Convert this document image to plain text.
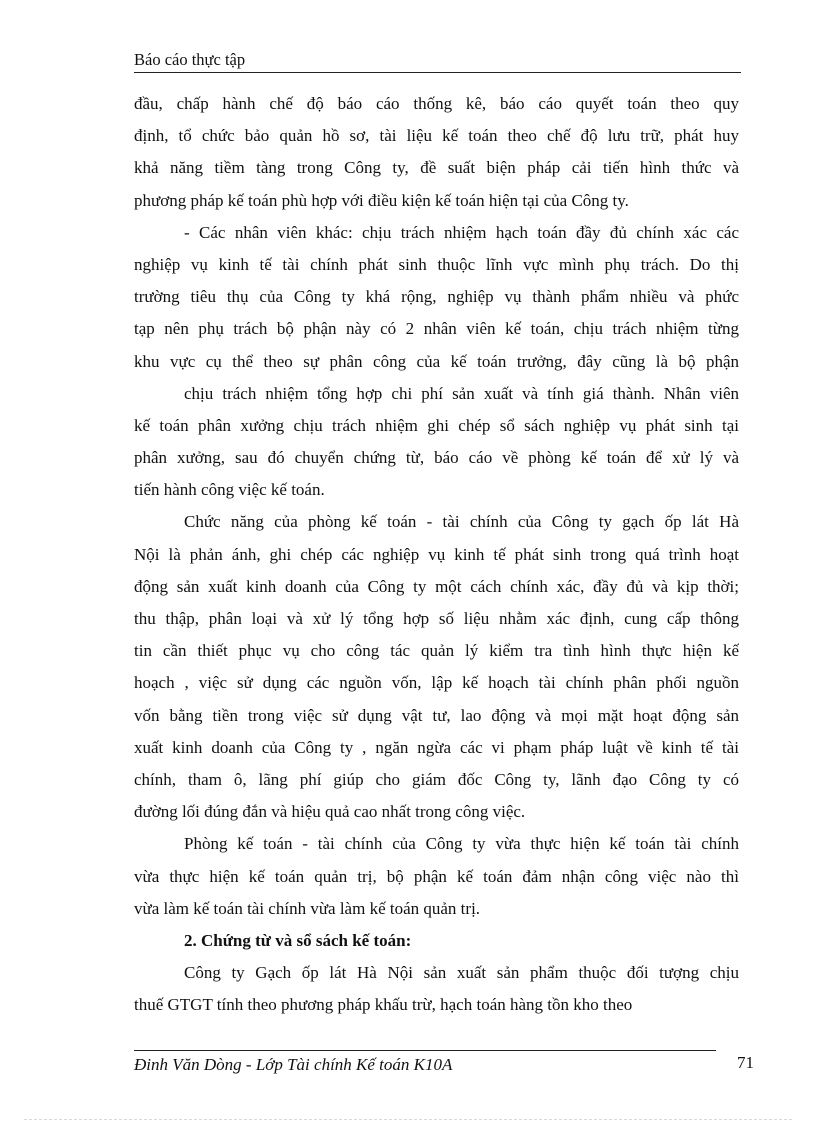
Báo cáo thực tập
đầu, chấp hành chế độ báo cáo thống kê, báo cáo quyết toán theo quy
định, tổ chức bảo quản hồ sơ, tài liệu kế toán theo chế độ lưu trữ, phát huy
khả năng tiềm tàng trong Công ty, đề suất biện pháp cải tiến hình thức và
phương pháp kế toán phù hợp với điều kiện kế toán hiện tại của Công ty.
- Các nhân viên khác: chịu trách nhiệm hạch toán đầy đủ chính xác các
nghiệp vụ kinh tế tài chính phát sinh thuộc lĩnh vực mình phụ trách. Do thị
trường tiêu thụ của Công ty khá rộng, nghiệp vụ thành phẩm nhiều và phức
tạp nên phụ trách bộ phận này có 2 nhân viên kế toán, chịu trách nhiệm từng
khu vực cụ thể theo sự phân công của kế toán trưởng, đây cũng là bộ phận
chịu trách nhiệm tổng hợp chi phí sản xuất và tính giá thành. Nhân viên
kế toán phân xưởng chịu trách nhiệm ghi chép sổ sách nghiệp vụ phát sinh tại
phân xưởng, sau đó chuyển chứng từ, báo cáo về phòng kế toán để xử lý và
tiến hành công việc kế toán.
Chức năng của phòng kế toán - tài chính của Công ty gạch ốp lát Hà
Nội là phản ánh, ghi chép các nghiệp vụ kinh tế phát sinh trong quá trình hoạt
động sản xuất kinh doanh của Công ty một cách chính xác, đầy đủ và kịp thời;
thu thập, phân loại và xử lý tổng hợp số liệu nhằm xác định, cung cấp thông
tin cần thiết phục vụ cho công tác quản lý kiểm tra tình hình thực hiện kế
hoạch , việc sử dụng các nguồn vốn, lập kế hoạch tài chính phân phối nguồn
vốn bằng tiền trong việc sử dụng vật tư, lao động và mọi mặt hoạt động sản
xuất kinh doanh của Công ty , ngăn ngừa các vi phạm pháp luật về kinh tế tài
chính, tham ô, lãng phí giúp cho giám đốc Công ty, lãnh đạo Công ty có
đường lối đúng đắn và hiệu quả cao nhất trong công việc.
Phòng kế toán - tài chính của Công ty vừa thực hiện kế toán tài chính
vừa thực hiện kế toán quản trị, bộ phận kế toán đảm nhận công việc nào thì
vừa làm kế toán tài chính vừa làm kế toán quản trị.
2. Chứng từ và sổ sách kế toán:
Công ty Gạch ốp lát Hà Nội sản xuất sản phẩm thuộc đối tượng chịu
thuế GTGT tính theo phương pháp khấu trừ, hạch toán hàng tồn kho theo
Đinh Văn Dòng - Lớp Tài chính Kế toán K10A	71
